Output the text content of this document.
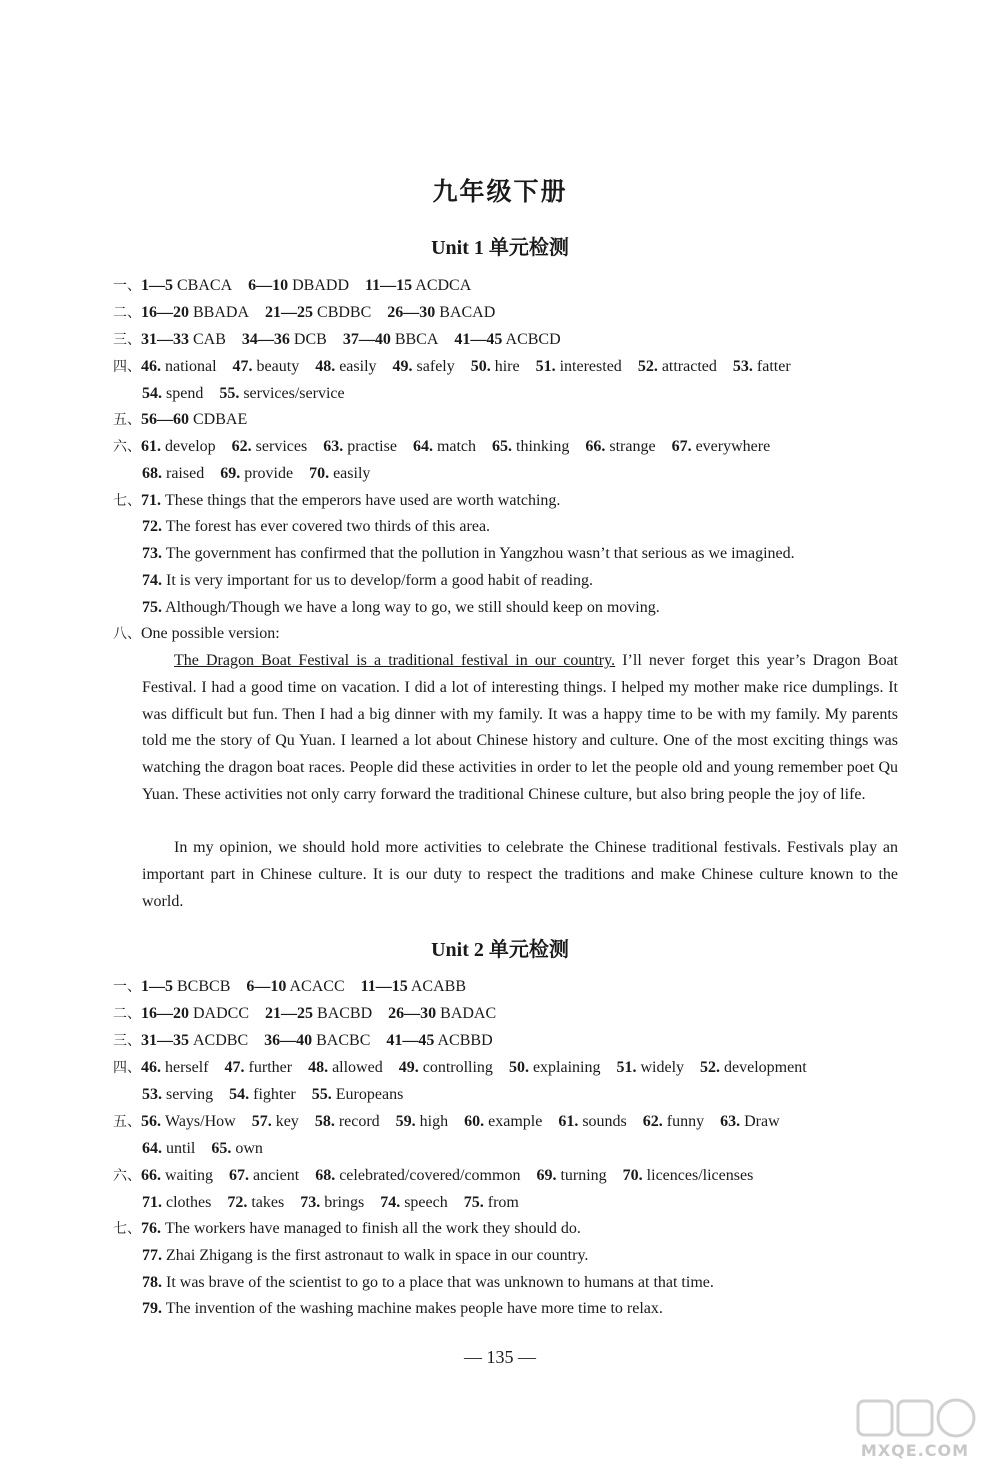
九年级下册
Unit 1 单元检测
一、1—5 CBACA 6—10 DBADD 11—15 ACDCA
二、16—20 BBADA 21—25 CBDBC 26—30 BACAD
三、31—33 CAB 34—36 DCB 37—40 BBCA 41—45 ACBCD
四、46. national 47. beauty 48. easily 49. safely 50. hire 51. interested 52. attracted 53. fatter
54. spend 55. services/service
五、56—60 CDBAE
六、61. develop 62. services 63. practise 64. match 65. thinking 66. strange 67. everywhere
68. raised 69. provide 70. easily
七、71. These things that the emperors have used are worth watching.
72. The forest has ever covered two thirds of this area.
73. The government has confirmed that the pollution in Yangzhou wasn’t that serious as we imagined.
74. It is very important for us to develop/form a good habit of reading.
75. Although/Though we have a long way to go, we still should keep on moving.
八、One possible version:
The Dragon Boat Festival is a traditional festival in our country. I’ll never forget this year’s Dragon Boat Festival. I had a good time on vacation. I did a lot of interesting things. I helped my mother make rice dumplings. It was difficult but fun. Then I had a big dinner with my family. It was a happy time to be with my family. My parents told me the story of Qu Yuan. I learned a lot about Chinese history and culture. One of the most exciting things was watching the dragon boat races. People did these activities in order to let the people old and young remember poet Qu Yuan. These activities not only carry forward the traditional Chinese culture, but also bring people the joy of life.
In my opinion, we should hold more activities to celebrate the Chinese traditional festivals. Festivals play an important part in Chinese culture. It is our duty to respect the traditions and make Chinese culture known to the world.
Unit 2 单元检测
一、1—5 BCBCB 6—10 ACACC 11—15 ACABB
二、16—20 DADCC 21—25 BACBD 26—30 BADAC
三、31—35 ACDBC 36—40 BACBC 41—45 ACBBD
四、46. herself 47. further 48. allowed 49. controlling 50. explaining 51. widely 52. development
53. serving 54. fighter 55. Europeans
五、56. Ways/How 57. key 58. record 59. high 60. example 61. sounds 62. funny 63. Draw
64. until 65. own
六、66. waiting 67. ancient 68. celebrated/covered/common 69. turning 70. licences/licenses
71. clothes 72. takes 73. brings 74. speech 75. from
七、76. The workers have managed to finish all the work they should do.
77. Zhai Zhigang is the first astronaut to walk in space in our country.
78. It was brave of the scientist to go to a place that was unknown to humans at that time.
79. The invention of the washing machine makes people have more time to relax.
— 135 —
MXQE.COM
